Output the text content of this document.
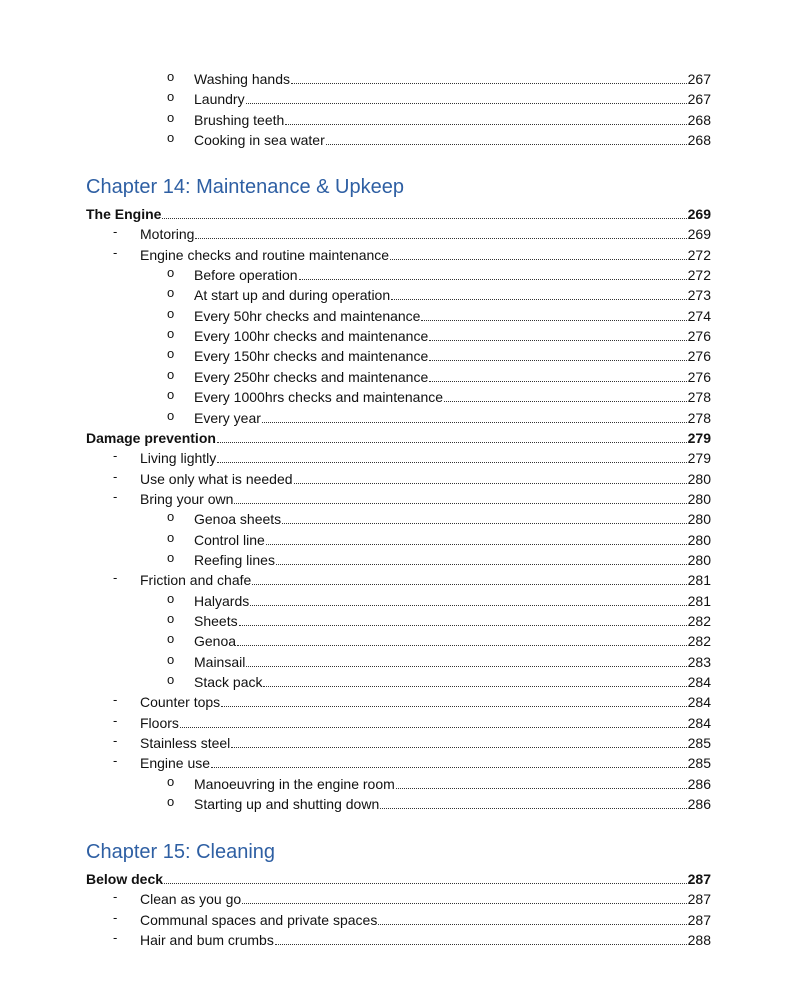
o Washing hands	267
o Laundry	267
o Brushing teeth	268
o Cooking in sea water	268
Chapter 14: Maintenance & Upkeep
The Engine	269
- Motoring	269
- Engine checks and routine maintenance	272
o Before operation	272
o At start up and during operation	273
o Every 50hr checks and maintenance	274
o Every 100hr checks and maintenance	276
o Every 150hr checks and maintenance	276
o Every 250hr checks and maintenance	276
o Every 1000hrs checks and maintenance	278
o Every year	278
Damage prevention	279
- Living lightly	279
- Use only what is needed	280
- Bring your own	280
o Genoa sheets	280
o Control line	280
o Reefing lines	280
- Friction and chafe	281
o Halyards	281
o Sheets	282
o Genoa	282
o Mainsail	283
o Stack pack	284
- Counter tops	284
- Floors	284
- Stainless steel	285
- Engine use	285
o Manoeuvring in the engine room	286
o Starting up and shutting down	286
Chapter 15: Cleaning
Below deck	287
- Clean as you go	287
- Communal spaces and private spaces	287
- Hair and bum crumbs	288
